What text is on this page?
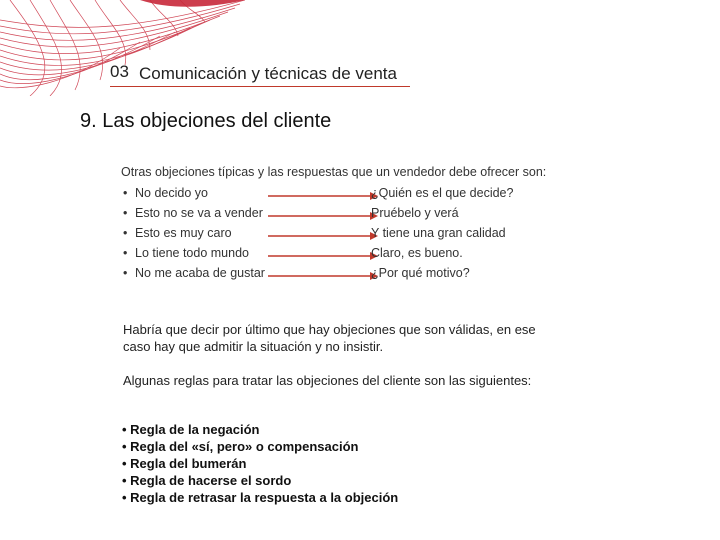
03 Comunicación y técnicas de venta
9. Las objeciones del cliente
Otras objeciones típicas y las respuestas que un vendedor debe ofrecer son:
• No decido yo	¿Quién es el que decide?
• Esto no se va a vender	Pruébelo y verá
• Esto es muy caro	Y tiene una gran calidad
• Lo tiene todo mundo	Claro, es bueno.
• No me acaba de gustar	¿Por qué motivo?
Habría que decir por último que hay objeciones que son válidas, en ese caso hay que admitir la situación y no insistir.
Algunas reglas para tratar las objeciones del cliente son las siguientes:
• Regla de la negación
• Regla del «sí, pero» o compensación
• Regla del bumerán
• Regla de hacerse el sordo
• Regla de retrasar la respuesta a la objeción
